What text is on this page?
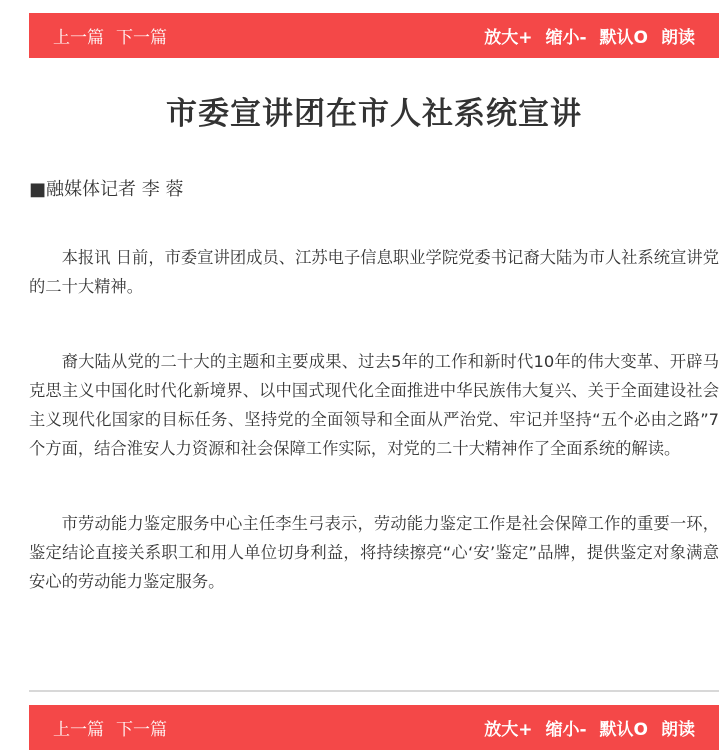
上一篇 下一篇	放大+ 缩小- 默认O 朗读
市委宣讲团在市人社系统宣讲
■融媒体记者 李 蓉

本报讯 日前，市委宣讲团成员、江苏电子信息职业学院党委书记裔大陆为市人社系统宣讲党的二十大精神。

裔大陆从党的二十大的主题和主要成果、过去5年的工作和新时代10年的伟大变革、开辟马克思主义中国化时代化新境界、以中国式现代化全面推进中华民族伟大复兴、关于全面建设社会主义现代化国家的目标任务、坚持党的全面领导和全面从严治党、牢记并坚持“五个必由之路”7个方面，结合淮安人力资源和社会保障工作实际，对党的二十大精神作了全面系统的解读。

市劳动能力鉴定服务中心主任李生弓表示，劳动能力鉴定工作是社会保障工作的重要一环，鉴定结论直接关系职工和用人单位切身利益，将持续擦亮“心‘安’鉴定”品牌，提供鉴定对象满意安心的劳动能力鉴定服务。

上一篇 下一篇	放大+ 缩小- 默认O 朗读
